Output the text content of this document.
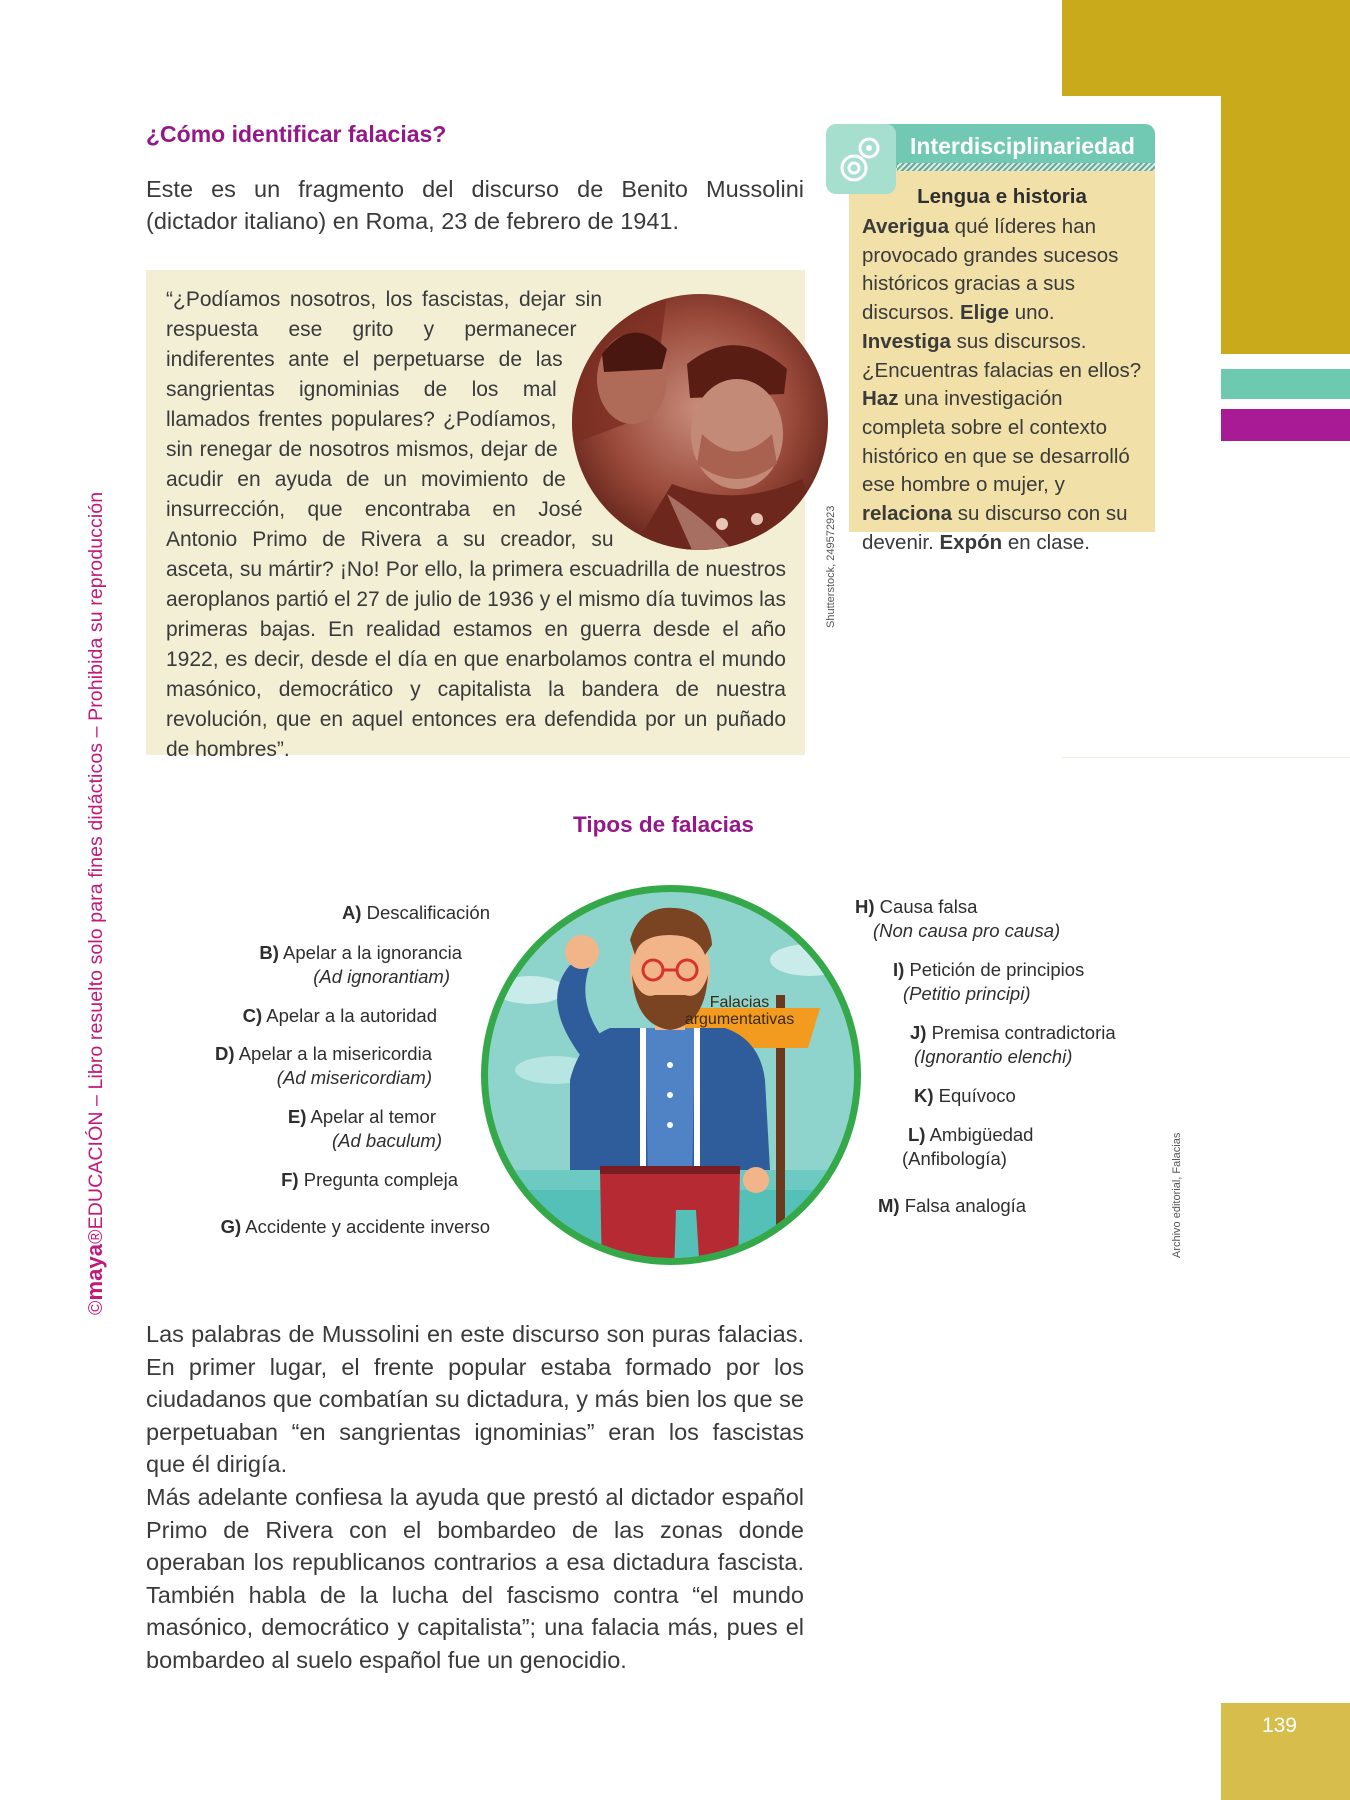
139
©maya®EDUCACIÓN – Libro resuelto solo para fines didácticos – Prohibida su reproducción
¿Cómo identificar falacias?
Este es un fragmento del discurso de Benito Mussolini (dictador italiano) en Roma, 23 de febrero de 1941.
“¿Podíamos nosotros, los fascistas, dejar sin respuesta ese grito y permanecer indiferentes ante el perpetuarse de las sangrientas ignominias de los mal llamados frentes populares? ¿Podíamos, sin renegar de nosotros mismos, dejar de acudir en ayuda de un movimiento de insurrección, que encontraba en José Antonio Primo de Rivera a su creador, su asceta, su mártir? ¡No! Por ello, la primera escuadrilla de nuestros aeroplanos partió el 27 de julio de 1936 y el mismo día tuvimos las primeras bajas. En realidad estamos en guerra desde el año 1922, es decir, desde el día en que enarbolamos contra el mundo masónico, democrático y capitalista la bandera de nuestra revolución, que en aquel entonces era defendida por un puñado de hombres”.
Shutterstock, 249572923
Interdisciplinariedad
Lengua e historia
Averigua qué líderes han provocado grandes sucesos históricos gracias a sus discursos. Elige uno. Investiga sus discursos. ¿Encuentras falacias en ellos? Haz una investigación completa sobre el contexto histórico en que se desarrolló ese hombre o mujer, y relaciona su discurso con su devenir. Expón en clase.
Tipos de falacias
Falacias
argumentativas
A) Descalificación
B) Apelar a la ignorancia
(Ad ignorantiam)
C) Apelar a la autoridad
D) Apelar a la misericordia
(Ad misericordiam)
E) Apelar al temor
(Ad baculum)
F) Pregunta compleja
G) Accidente y accidente inverso
H) Causa falsa
(Non causa pro causa)
I) Petición de principios
(Petitio principi)
J) Premisa contradictoria
(Ignorantio elenchi)
K) Equívoco
L) Ambigüedad
(Anfibología)
M) Falsa analogía	Archivo editorial, Falacias
Las palabras de Mussolini en este discurso son puras falacias. En primer lugar, el frente popular estaba formado por los ciudadanos que combatían su dictadura, y más bien los que se perpetuaban “en sangrientas ignominias” eran los fascistas que él dirigía.
Más adelante confiesa la ayuda que prestó al dictador español Primo de Rivera con el bombardeo de las zonas donde operaban los republicanos contrarios a esa dictadura fascista. También habla de la lucha del fascismo contra “el mundo masónico, democrático y capitalista”; una falacia más, pues el bombardeo al suelo español fue un genocidio.
